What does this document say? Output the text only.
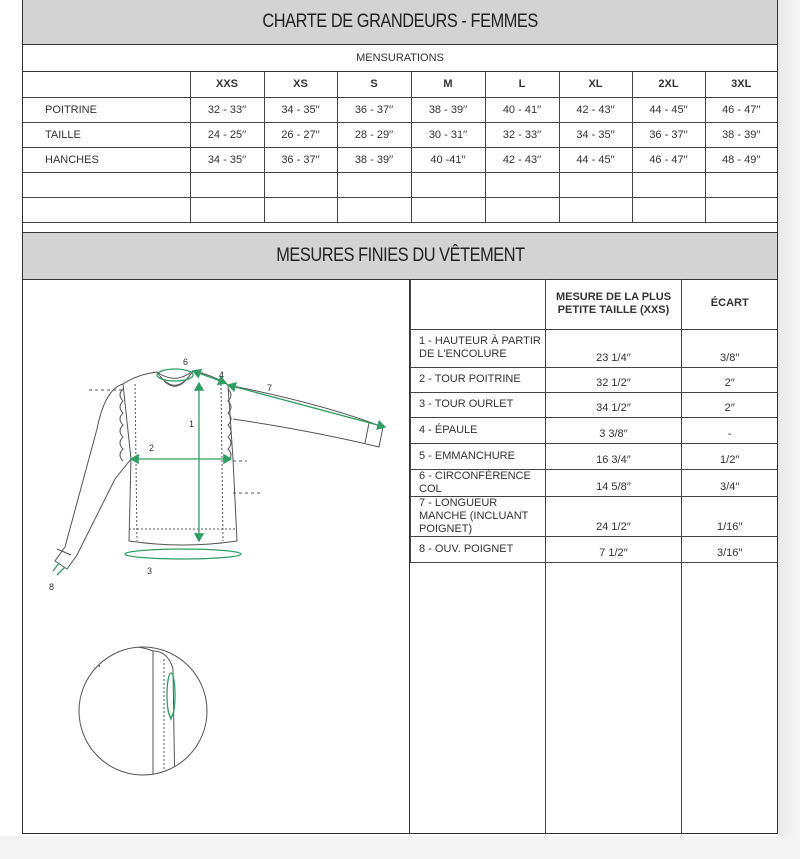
CHARTE DE GRANDEURS - FEMMES
MENSURATIONS
	XXS	XS	S	M	L	XL	2XL	3XL
POITRINE	32 - 33′′	34 - 35′′	36 - 37′′	38 - 39′′	40 - 41′′	42 - 43′′	44 - 45′′	46 - 47′′
TAILLE	24 - 25′′	26 - 27′′	28 - 29′′	30 - 31′′	32 - 33′′	34 - 35′′	36 - 37′′	38 - 39′′
HANCHES	34 - 35′′	36 - 37′′	38 - 39′′	40 -41′′	42 - 43′′	44 - 45′′	46 - 47′′	48 - 49′′

MESURES FINIES DU VÊTEMENT
1
2
3
4
6
7
8
	MESURE DE LA PLUS PETITE TAILLE (XXS)	ÉCART
1 - HAUTEUR À PARTIR DE L'ENCOLURE	23 1/4′′	3/8′′
2 - TOUR POITRINE	32 1/2′′	2′′
3 - TOUR OURLET	34 1/2′′	2′′
4 - ÉPAULE	3 3/8′′	-
5 - EMMANCHURE	16 3/4′′	1/2′′
6 - CIRCONFÉRENCE COL	14 5/8′′	3/4′′
7 - LONGUEUR MANCHE (INCLUANT POIGNET)	24 1/2′′	1/16′′
8 - OUV. POIGNET	7 1/2′′	3/16′′
